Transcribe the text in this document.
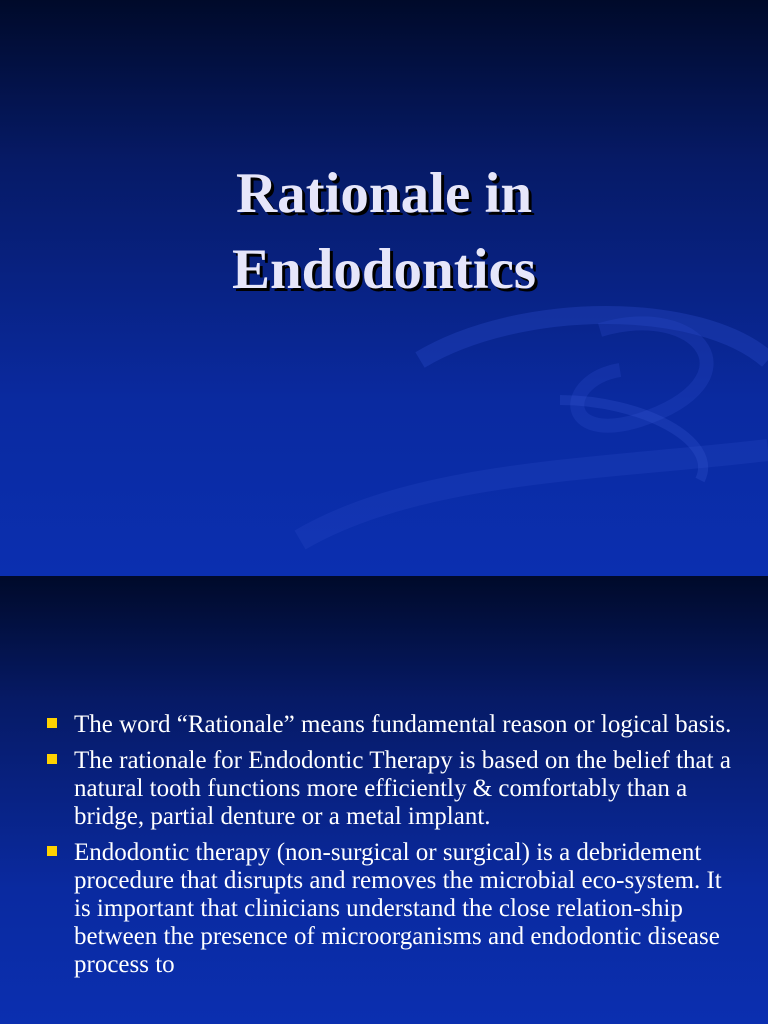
Rationale in
Endodontics
The word “Rationale” means fundamental reason or logical basis.
The rationale for Endodontic Therapy is based on the belief that a natural tooth functions more efficiently & comfortably than a bridge, partial denture or a metal implant.
Endodontic therapy (non-surgical or surgical) is a debridement procedure that disrupts and removes the microbial eco-system. It is important that clinicians understand the close relation-ship between the presence of microorganisms and endodontic disease process to
